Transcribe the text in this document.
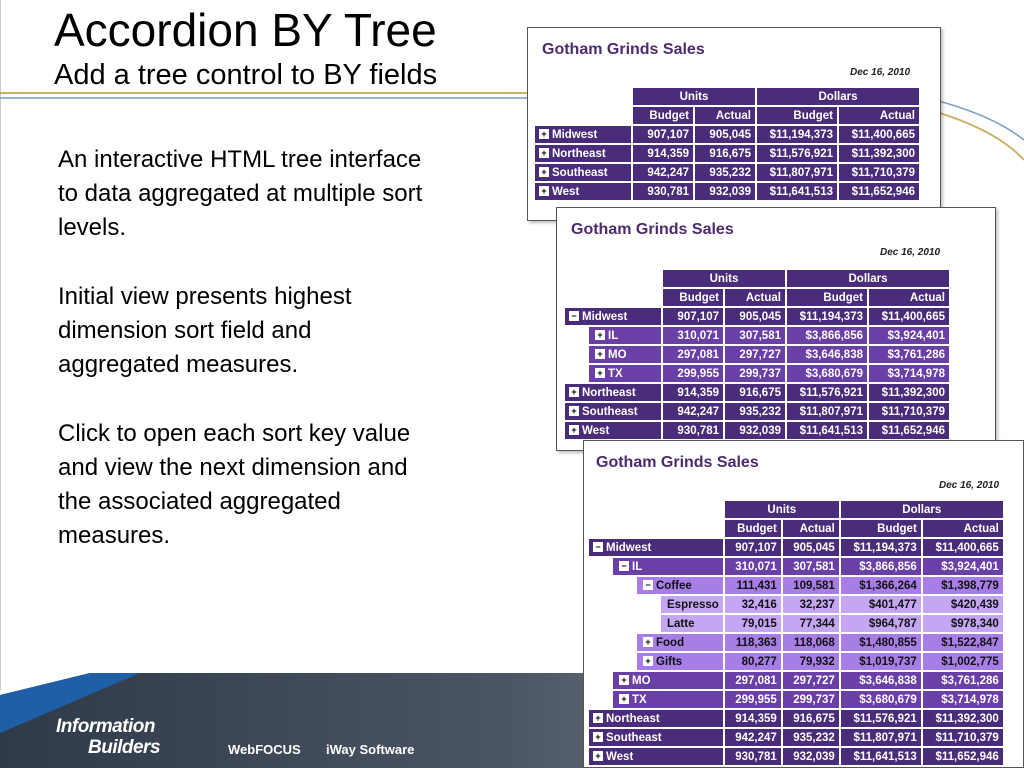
Accordion BY Tree
Add a tree control to BY fields
An interactive HTML tree interface to data aggregated at multiple sort levels.
Initial view presents highest dimension sort field and aggregated measures.
Click to open each sort key value and view the next dimension and the associated aggregated measures.
Information
Builders	WebFOCUS iWay Software
Gotham Grinds Sales
Dec 16, 2010
	Units		Dollars	
	Budget	Actual	Budget	Actual
+ Midwest	907,107	905,045	$11,194,373	$11,400,665
+ Northeast	914,359	916,675	$11,576,921	$11,392,300
+ Southeast	942,247	935,232	$11,807,971	$11,710,379
+ West	930,781	932,039	$11,641,513	$11,652,946
Gotham Grinds Sales
Dec 16, 2010
	Units		Dollars	
	Budget	Actual	Budget	Actual
− Midwest	907,107	905,045	$11,194,373	$11,400,665
+ IL	310,071	307,581	$3,866,856	$3,924,401
+ MO	297,081	297,727	$3,646,838	$3,761,286
+ TX	299,955	299,737	$3,680,679	$3,714,978
+ Northeast	914,359	916,675	$11,576,921	$11,392,300
+ Southeast	942,247	935,232	$11,807,971	$11,710,379
+ West	930,781	932,039	$11,641,513	$11,652,946
Gotham Grinds Sales
Dec 16, 2010
	Units		Dollars	
	Budget	Actual	Budget	Actual
− Midwest	907,107	905,045	$11,194,373	$11,400,665
− IL	310,071	307,581	$3,866,856	$3,924,401
− Coffee	111,431	109,581	$1,366,264	$1,398,779
Espresso	32,416	32,237	$401,477	$420,439
Latte	79,015	77,344	$964,787	$978,340
+ Food	118,363	118,068	$1,480,855	$1,522,847
+ Gifts	80,277	79,932	$1,019,737	$1,002,775
+ MO	297,081	297,727	$3,646,838	$3,761,286
+ TX	299,955	299,737	$3,680,679	$3,714,978
+ Northeast	914,359	916,675	$11,576,921	$11,392,300
+ Southeast	942,247	935,232	$11,807,971	$11,710,379
+ West	930,781	932,039	$11,641,513	$11,652,946
